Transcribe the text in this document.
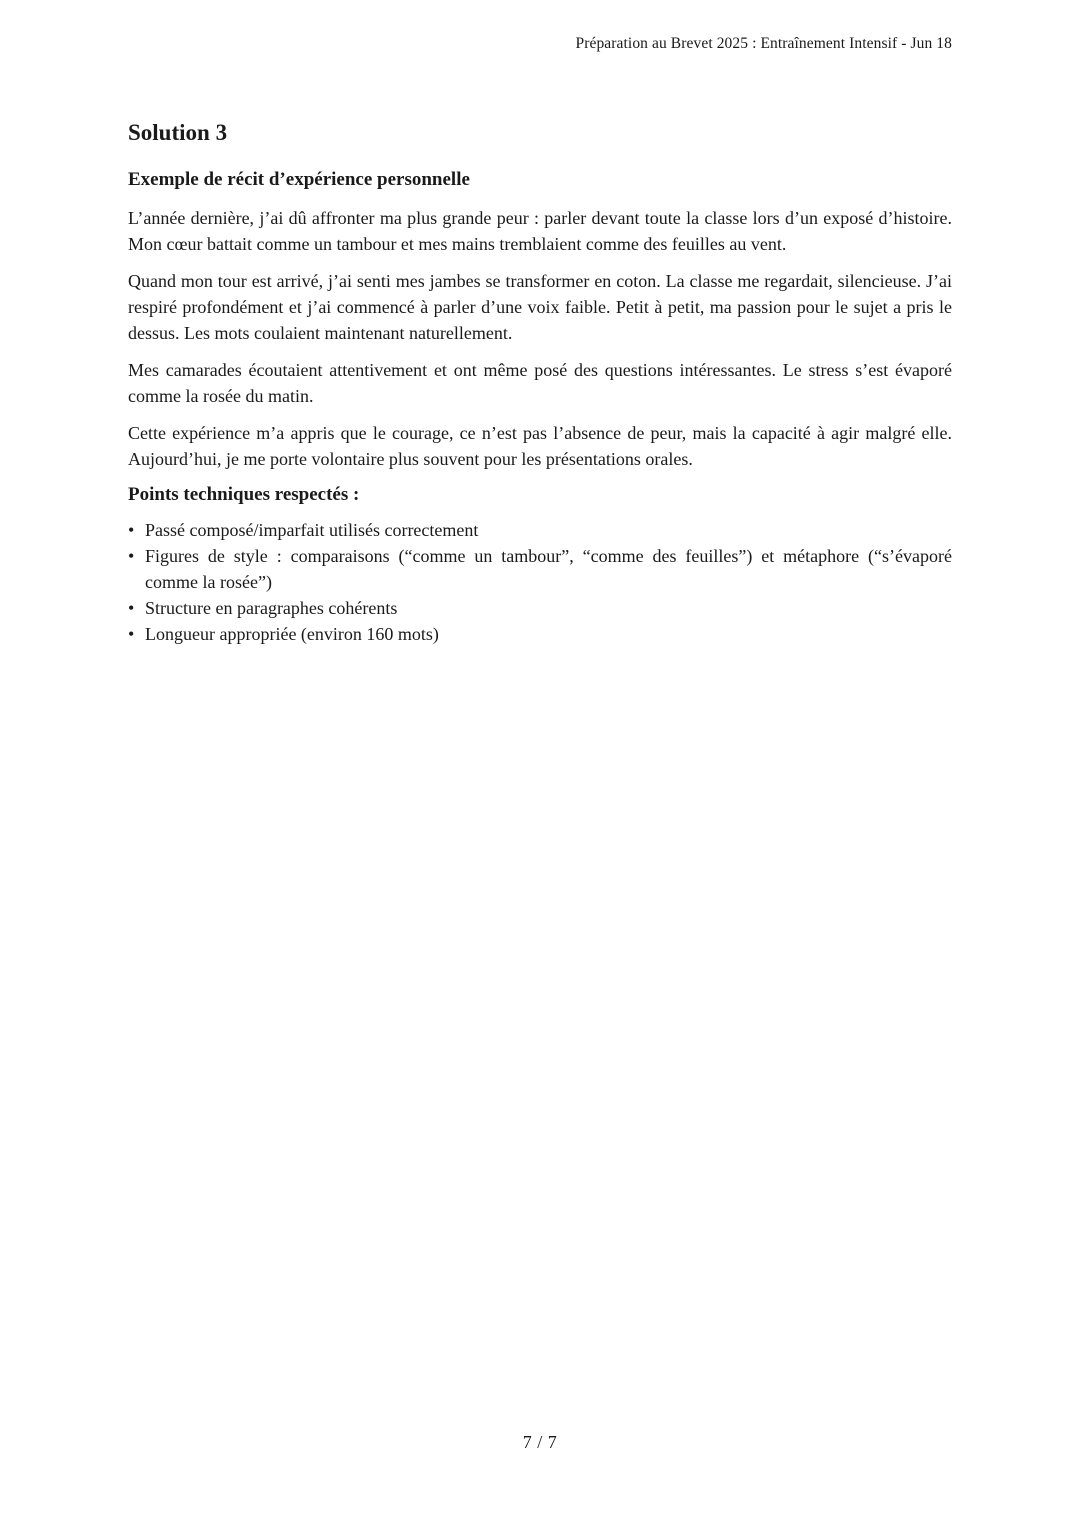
Préparation au Brevet 2025 : Entraînement Intensif - Jun 18
Solution 3
Exemple de récit d’expérience personnelle

L’année dernière, j’ai dû affronter ma plus grande peur : parler devant toute la classe lors d’un exposé d’histoire. Mon cœur battait comme un tambour et mes mains tremblaient comme des feuilles au vent.

Quand mon tour est arrivé, j’ai senti mes jambes se transformer en coton. La classe me regardait, silencieuse. J’ai respiré profondément et j’ai commencé à parler d’une voix faible. Petit à petit, ma passion pour le sujet a pris le dessus. Les mots coulaient maintenant naturellement.

Mes camarades écoutaient attentivement et ont même posé des questions intéressantes. Le stress s’est évaporé comme la rosée du matin.

Cette expérience m’a appris que le courage, ce n’est pas l’absence de peur, mais la capacité à agir malgré elle. Aujourd’hui, je me porte volontaire plus souvent pour les présentations orales.

Points techniques respectés :
• Passé composé/imparfait utilisés correctement
• Figures de style : comparaisons (“comme un tambour”, “comme des feuilles”) et métaphore (“s’évaporé comme la rosée”)
• Structure en paragraphes cohérents
• Longueur appropriée (environ 160 mots)
7 / 7
